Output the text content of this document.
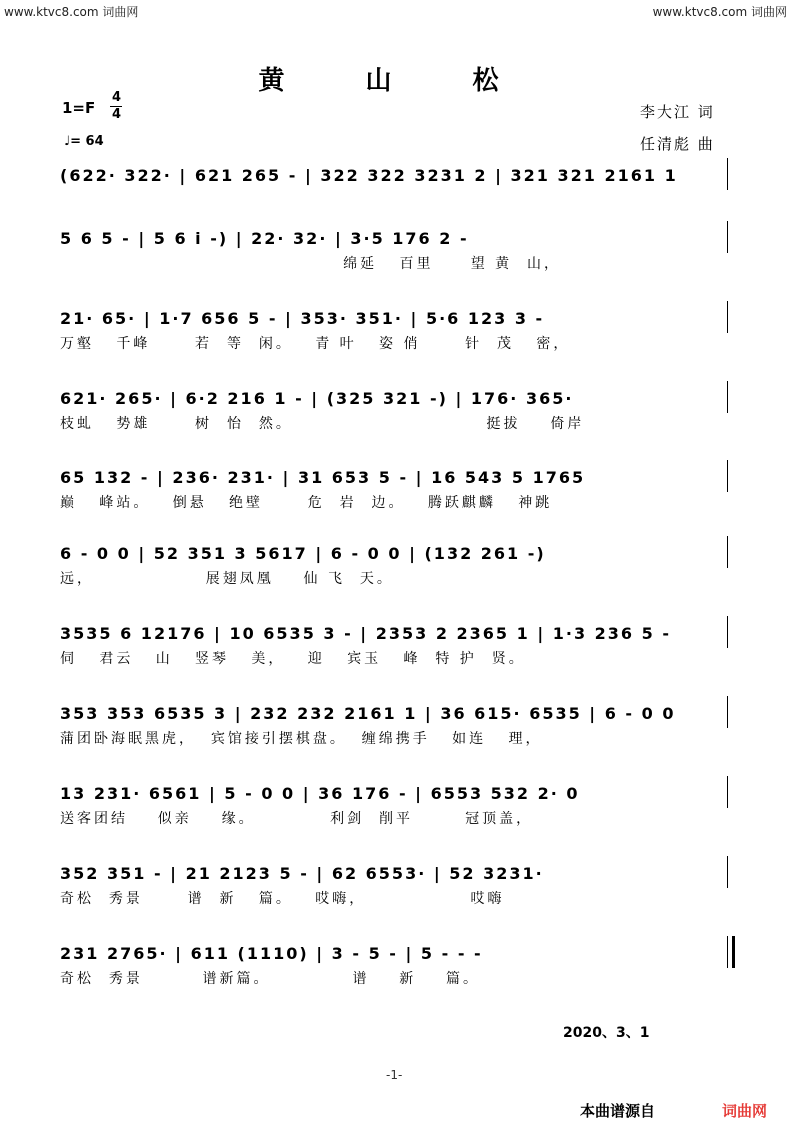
www.ktvc8.com 词曲网	www.ktvc8.com 词曲网
黄 山 松
1=F
4
4
♩= 64
李大江 词
任清彪 曲
(622· 322· | 621 265 - | 322 322 3231 2 | 321 321 2161 1
5 6 5 - | 5 6 i -) | 22· 32· | 3·5 176 2 -
绵延   百里     望 黄  山，
21· 65· | 1·7 656 5 - | 353· 351· | 5·6 123 3 -
万壑   千峰      若  等  闲。   青 叶   姿 俏      针  茂   密，
621· 265· | 6·2 216 1 - | (325 321 -) | 176· 365·
枝虬   势雄      树  怡  然。                          挺拔    倚岸
65 132 - | 236· 231· | 31 653 5 - | 16 543 5 1765
巅   峰站。   倒悬   绝壁      危  岩  边。   腾跃麒麟   神跳
6 - 0 0 | 52 351 3 5617 | 6 - 0 0 | (132 261 -)
远，               展翅凤凰    仙 飞  天。
3535 6 12176 | 10 6535 3 - | 2353 2 2365 1 | 1·3 236 5 -
伺   君云   山   竖琴   美，   迎   宾玉   峰  特 护  贤。
353 353 6535 3 | 232 232 2161 1 | 36 615· 6535 | 6 - 0 0
蒲团卧海眠黑虎，  宾馆接引摆棋盘。  缠绵携手   如连   理，
13 231· 6561 | 5 - 0 0 | 36 176 - | 6553 532 2· 0
送客团结    似亲    缘。          利剑  削平       冠顶盖，
352 351 - | 21 2123 5 - | 62 6553· | 52 3231·
奇松  秀景      谱  新   篇。   哎嗨，              哎嗨
231 2765· | 611 (1110) | 3 - 5 - | 5 - - -
奇松  秀景        谱新篇。           谱    新    篇。
2020、3、1
-1-
本曲谱源自	词曲网
